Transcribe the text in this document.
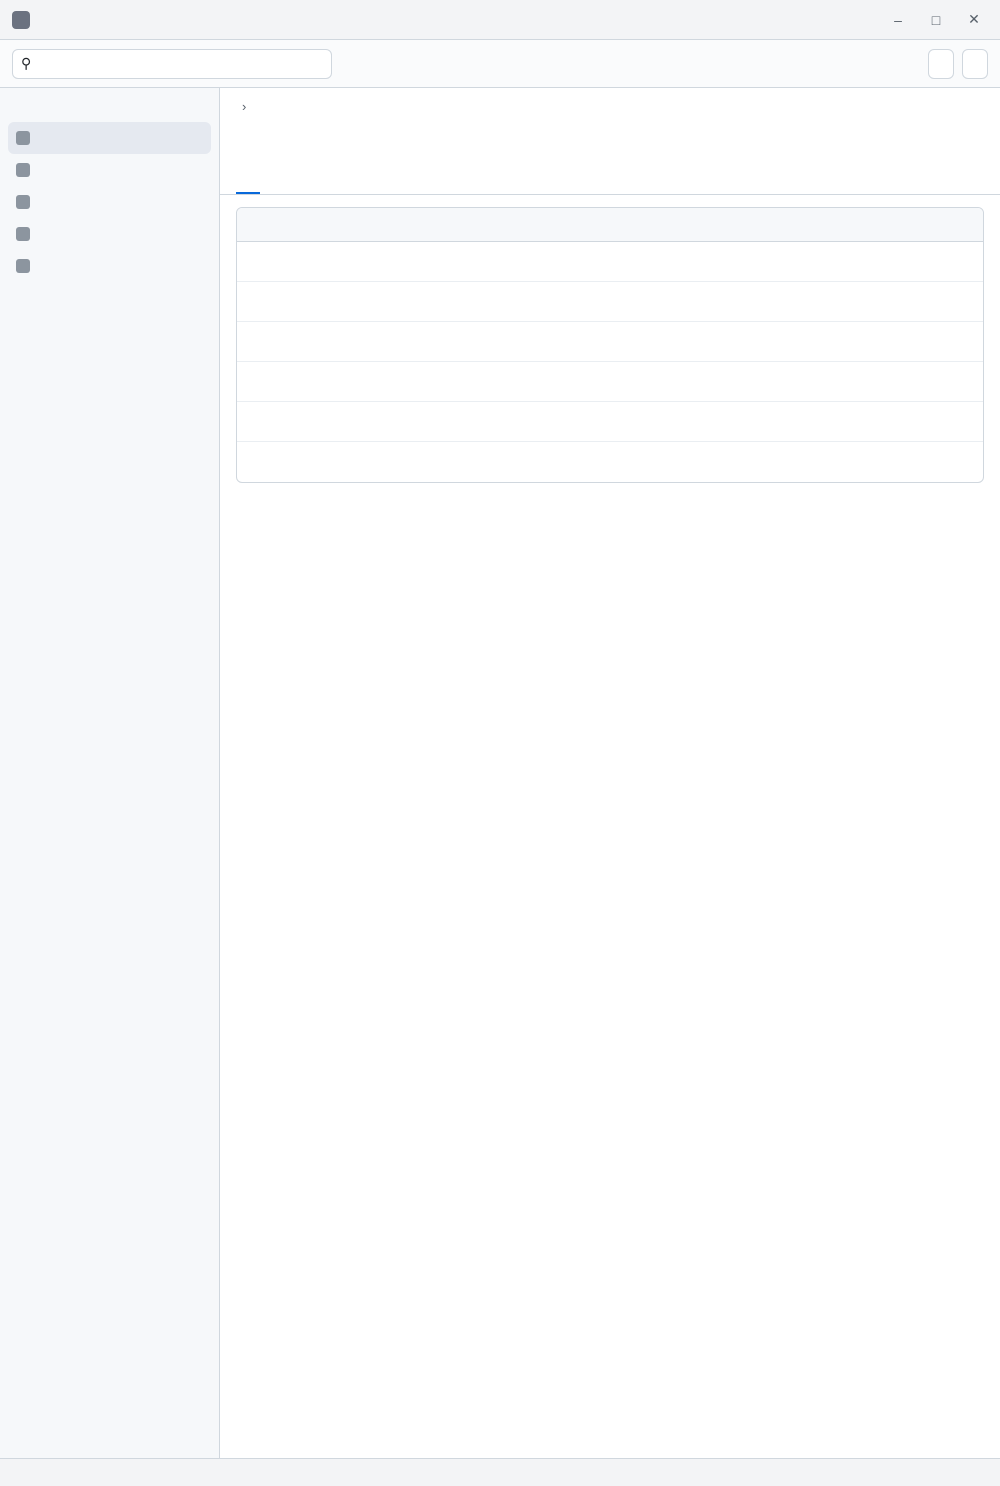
–	□	✕
⚲
›
